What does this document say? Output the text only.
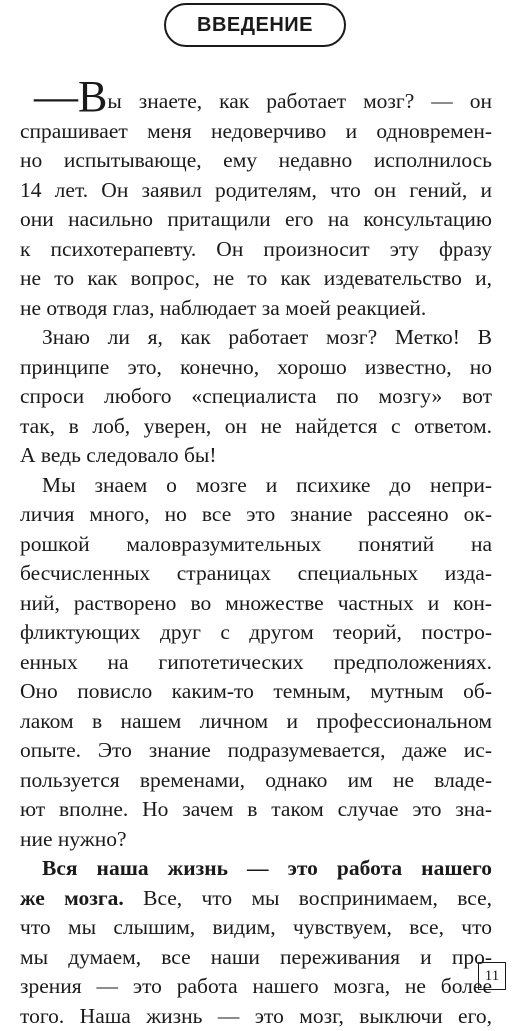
ВВЕДЕНИЕ
—Вы знаете, как работает мозг? — он
спрашивает меня недоверчиво и одновремен-
но испытывающе, ему недавно исполнилось
14 лет. Он заявил родителям, что он гений, и
они насильно притащили его на консультацию
к психотерапевту. Он произносит эту фразу
не то как вопрос, не то как издевательство и,
не отводя глаз, наблюдает за моей реакцией.
Знаю ли я, как работает мозг? Метко! В
принципе это, конечно, хорошо известно, но
спроси любого «специалиста по мозгу» вот
так, в лоб, уверен, он не найдется с ответом.
А ведь следовало бы!
Мы знаем о мозге и психике до непри-
личия много, но все это знание рассеяно ок-
рошкой маловразумительных понятий на
бесчисленных страницах специальных изда-
ний, растворено во множестве частных и кон-
фликтующих друг с другом теорий, постро-
енных на гипотетических предположениях.
Оно повисло каким-то темным, мутным об-
лаком в нашем личном и профессиональном
опыте. Это знание подразумевается, даже ис-
пользуется временами, однако им не владе-
ют вполне. Но зачем в таком случае это зна-
ние нужно?
Вся наша жизнь — это работа нашего
же мозга. Все, что мы воспринимаем, все,
что мы слышим, видим, чувствуем, все, что
мы думаем, все наши переживания и про-
зрения — это работа нашего мозга, не более
того. Наша жизнь — это мозг, выключи его,
11
